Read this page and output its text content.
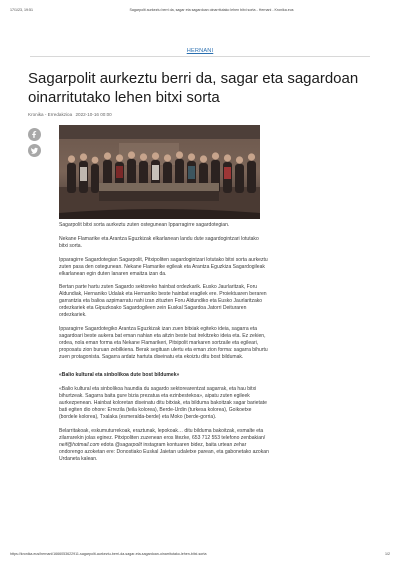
17/1/23, 19:51	Sagarpolit aurkeztu berri da, sagar eta sagardoan oinarritutako lehen bitxi sorta - Hernani - Kronika.eus
HERNANI
Sagarpolit aurkeztu berri da, sagar eta sagardoan oinarritutako lehen bitxi sorta
Kronika - Erredakzioa 2022-10-16 00:00

Sagarpolit bitxi sorta aurkeztu zuten ostegunean Ipparragirre sagardotegian.

Nekane Flamarike eta Arantza Eguzkizak elkarlanean landu dute sagardogintzari lotutako bitxi sorta.

Ipparagirre Sagardotegian Sagarpolit, Pitxipoliten sagardogintzari lotutako bitxi sorta aurkeztu zuten pasa den ostegunean. Nekane Flamarike egileak eta Arantza Eguzkiza Sagardogileak elkarlanean egin duten lanaren emaitza izan da.

Bertan parte hartu zuten Sagardo sektoreko hainbat ordezkarik. Eusko Jaurlaritzak, Foru Aldundiak, Hernaniko Udalak eta Hernaniko beste hainbat eragilek ere. Proiektuaren beraren garrantzia eta balioa azpimarratu nahi izan zituzten Foru Aldundiko eta Eusko Jaurlaritzako ordezkariek eta Gipuzkoako Sagardogileen zein Euskal Sagardoa Jatorri Deituraren ordezkariek.

Ipparagirre Sagardotegiko Arantza Eguzkizak izan zuen bitxiak egiteko ideia, sagarra eta sagardoari beste aukera bat eman nahian eta aitzin beste bat irekitzeko ideia eta. Ez zekien, ordea, nola eman forma eta Nekane Flamarikeri, Pitxipolit markaren sortzaile eta egileari, proposatu zion buruan zebilkiena. Berak segituan ulertu eta eman zion forma: sagarra bihurtu zuen protagonista. Sagarra ardatz hartuta diseinatu eta ekoiztu ditu bost bildumak.

«Balio kultural eta sinbolikoa dute bost bildumek»

«Balio kultural eta sinbolikoa haundia du sagardo sektorearentzat sagarrak, eta hau bitxi bihurtzeak. Sagarra baita gure bizia prezatua eta ezinbestekoa», aipatu zuten egileek aurkezpenean. Hainbat koloretan diseinatu ditu bitxiak, eta bilduma bakoitzak sagar barietate bati egiten dio ohore: Errezila (teila kolorea), Berde-Urdin (turkesa kolorea), Goikoetxe (bordele kolorea), Txalaka (esmeralda-berde) eta Moko (berde-gorria).

Belarritakoak, eskumuturrekoak, eraztunak, lepokoak… ditu bilduma bakoitzak, esmalte eta zilarrarekin jolas eginez. Pitxipoliten zuzenean eros litezke, 653 712 553 telefono zenbakian/ neif@hotmail.com edota @sagarpolit instagram kontuaren bidez, baita urtean zehar ondorengo azoketan ere: Donostiako Euskal Jaietan udaletxe parean, eta gabonetako azokan Urdaneta kalean.

https://kronika.eus/hernani/1666053622911-sagarpolit-aurkeztu-berri-da-sagar-eta-sagardoan-oinarritutako-lehen-bitxi-sorta	1/2
